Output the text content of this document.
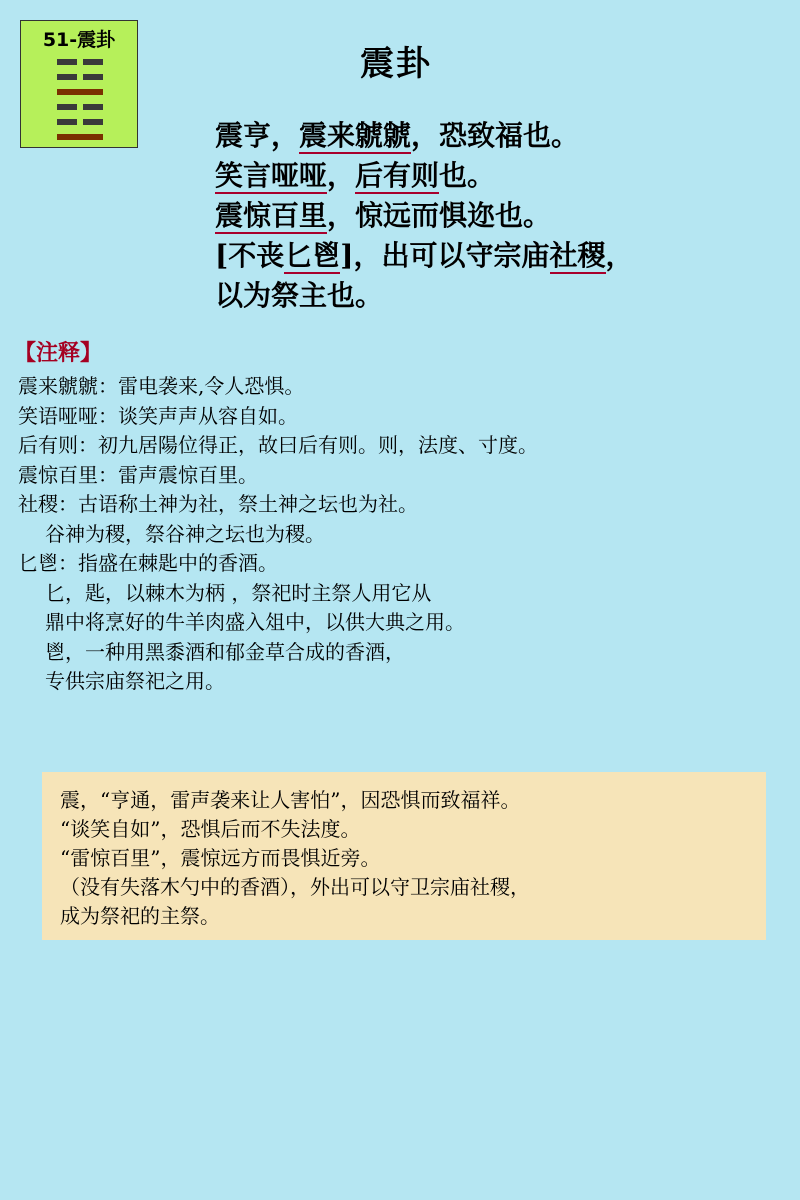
51-震卦
震卦
震亨，震来虩虩，恐致福也。
笑言哑哑，后有则也。
震惊百里，惊远而惧迩也。
[不丧匕鬯]，出可以守宗庙社稷，
以为祭主也。
【注释】
震来虩虩：雷电袭来,令人恐惧。
笑语哑哑：谈笑声声从容自如。
后有则：初九居陽位得正，故曰后有则。则，法度、寸度。
震惊百里：雷声震惊百里。
社稷：古语称土神为社，祭土神之坛也为社。
谷神为稷，祭谷神之坛也为稷。
匕鬯：指盛在棘匙中的香酒。
匕，匙，以棘木为柄 ，祭祀时主祭人用它从
鼎中将烹好的牛羊肉盛入俎中，以供大典之用。
鬯，一种用黑黍酒和郁金草合成的香酒，
专供宗庙祭祀之用。
震，“亨通，雷声袭来让人害怕”，因恐惧而致福祥。
“谈笑自如”，恐惧后而不失法度。
“雷惊百里”，震惊远方而畏惧近旁。
（没有失落木勺中的香酒），外出可以守卫宗庙社稷，
成为祭祀的主祭。
